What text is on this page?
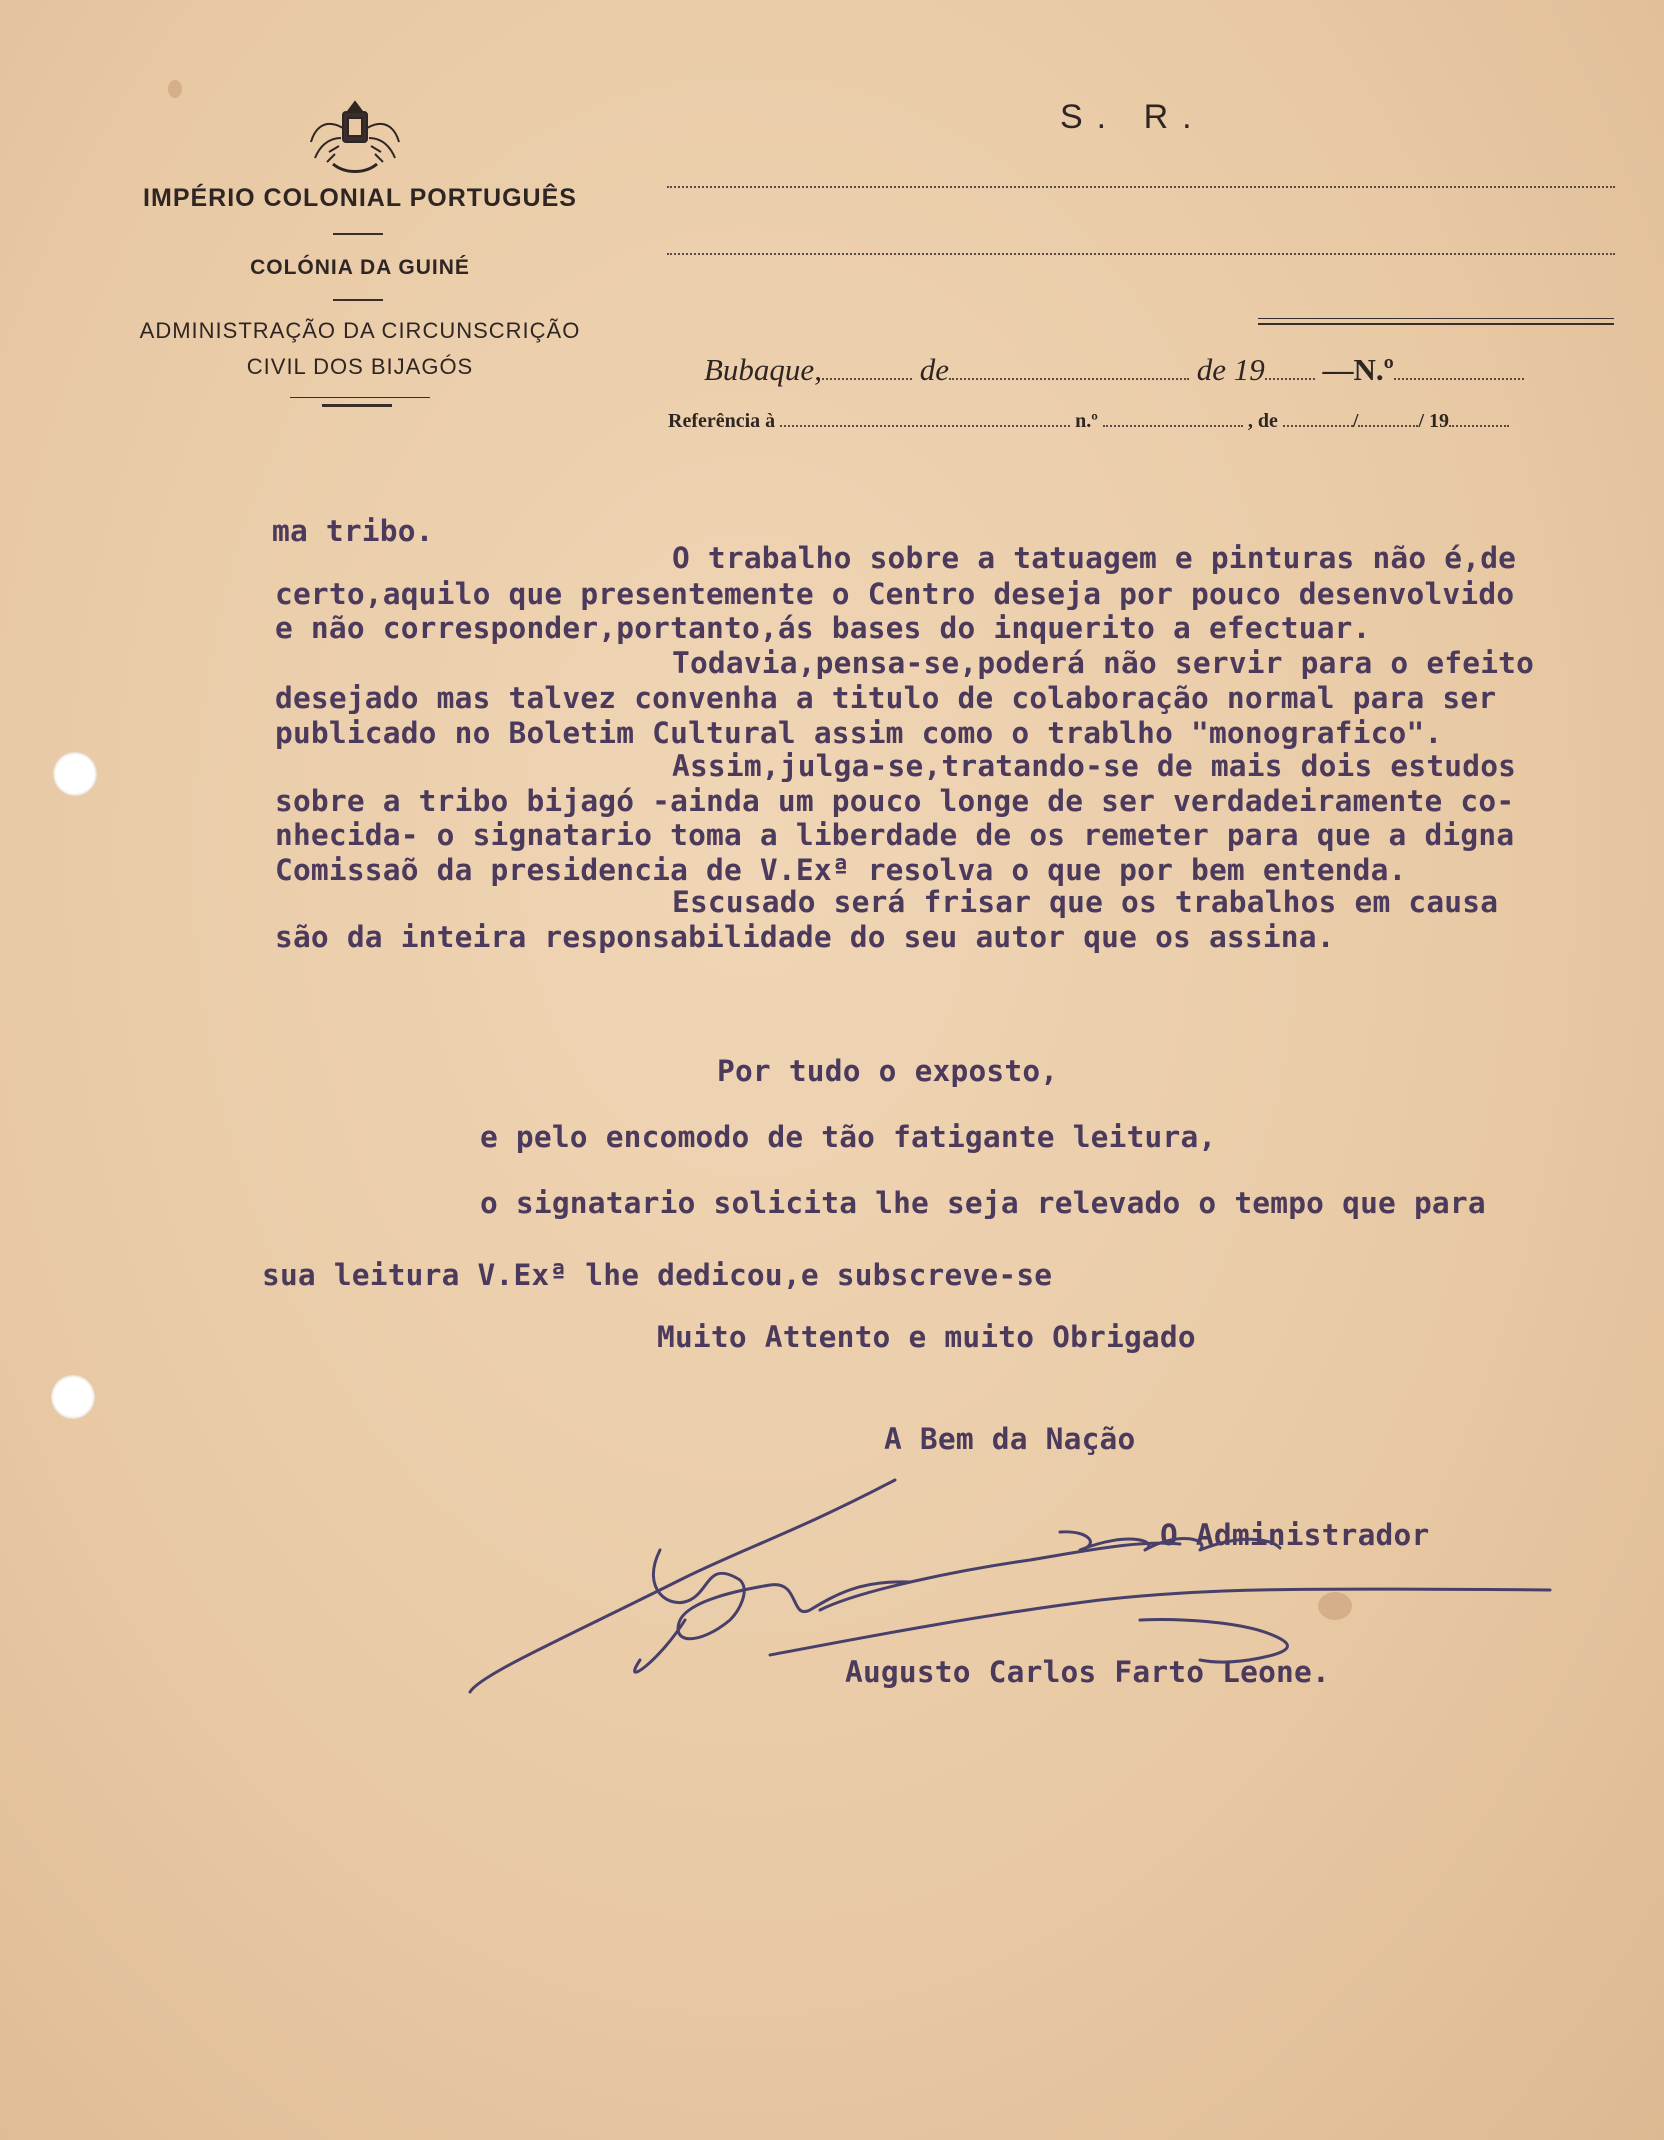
IMPÉRIO COLONIAL PORTUGUÊS
COLÓNIA DA GUINÉ
ADMINISTRAÇÃO DA CIRCUNSCRIÇÃO
CIVIL DOS BIJAGÓS
S. R.
Bubaque,	de	de 19 —N.º
Referência à	n.º	, de	/	/ 19
ma tribo.
O trabalho sobre a tatuagem e pinturas não é,de
certo,aquilo que presentemente o Centro deseja por pouco desenvolvido
e não corresponder,portanto,ás bases do inquerito a efectuar.
Todavia,pensa-se,poderá não servir para o efeito
desejado mas talvez convenha a titulo de colaboração normal para ser
publicado no Boletim Cultural assim como o trablho "monografico".
Assim,julga-se,tratando-se de mais dois estudos
sobre a tribo bijagó -ainda um pouco longe de ser verdadeiramente co-
nhecida- o signatario toma a liberdade de os remeter para que a digna
Comissaõ da presidencia de V.Exª resolva o que por bem entenda.
Escusado será frisar que os trabalhos em causa
são da inteira responsabilidade do seu autor que os assina.
Por tudo o exposto,
e pelo encomodo de tão fatigante leitura,
o signatario solicita lhe seja relevado o tempo que para
sua leitura V.Exª lhe dedicou,e subscreve-se
Muito Attento e muito Obrigado
A Bem da Nação
O Administrador
Augusto Carlos Farto Leone.
